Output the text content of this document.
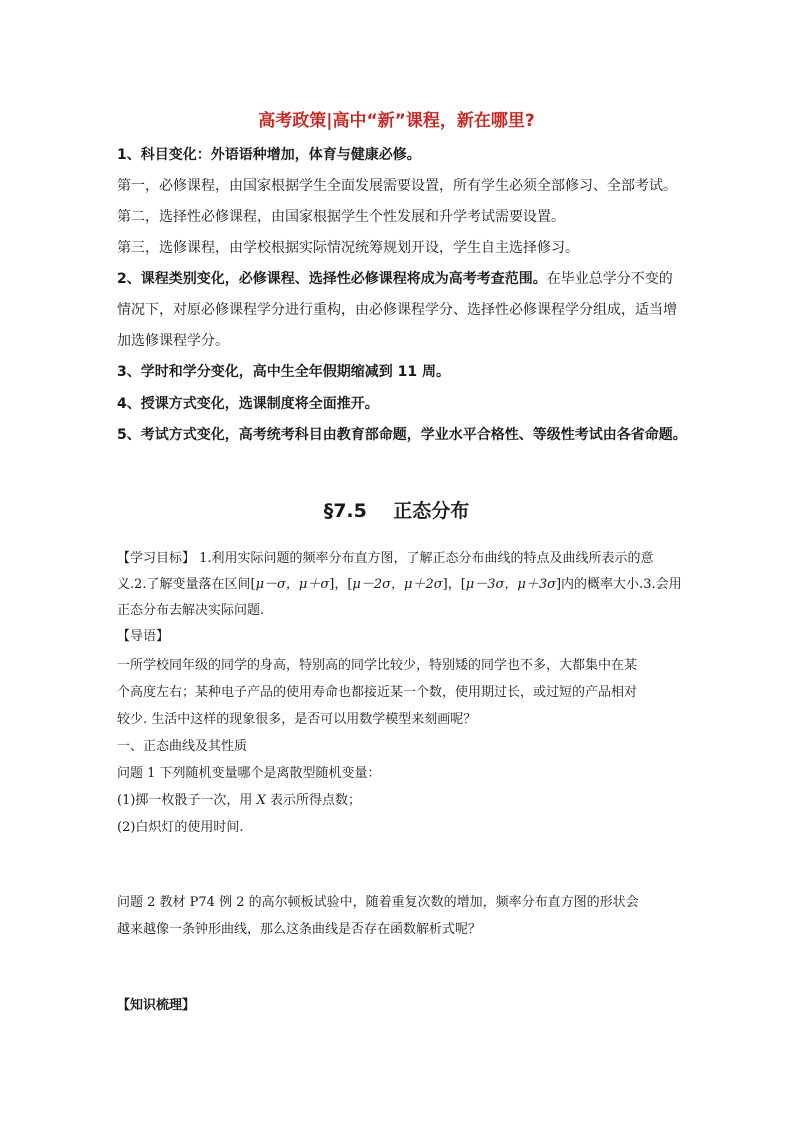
高考政策|高中“新”课程，新在哪里?
1、科目变化：外语语种增加，体育与健康必修。
第一，必修课程，由国家根据学生全面发展需要设置，所有学生必须全部修习、全部考试。
第二，选择性必修课程，由国家根据学生个性发展和升学考试需要设置。
第三，选修课程，由学校根据实际情况统筹规划开设，学生自主选择修习。
2、课程类别变化，必修课程、选择性必修课程将成为高考考查范围。在毕业总学分不变的
情况下，对原必修课程学分进行重构，由必修课程学分、选择性必修课程学分组成，适当增
加选修课程学分。
3、学时和学分变化，高中生全年假期缩减到 11 周。
4、授课方式变化，选课制度将全面推开。
5、考试方式变化，高考统考科目由教育部命题，学业水平合格性、等级性考试由各省命题。
§7.5    正态分布
【学习目标】 1.利用实际问题的频率分布直方图，了解正态分布曲线的特点及曲线所表示的意
义.2.了解变量落在区间[μ－σ，μ＋σ]，[μ－2σ，μ＋2σ]，[μ－3σ，μ＋3σ]内的概率大小.3.会用
正态分布去解决实际问题.
【导语】
一所学校同年级的同学的身高，特别高的同学比较少，特别矮的同学也不多，大都集中在某
个高度左右；某种电子产品的使用寿命也都接近某一个数，使用期过长，或过短的产品相对
较少. 生活中这样的现象很多，是否可以用数学模型来刻画呢？
一、正态曲线及其性质
问题 1 下列随机变量哪个是离散型随机变量：
(1)掷一枚骰子一次，用 X 表示所得点数；
(2)白炽灯的使用时间.
问题 2 教材 P74 例 2 的高尔顿板试验中，随着重复次数的增加，频率分布直方图的形状会
越来越像一条钟形曲线，那么这条曲线是否存在函数解析式呢？
【知识梳理】
